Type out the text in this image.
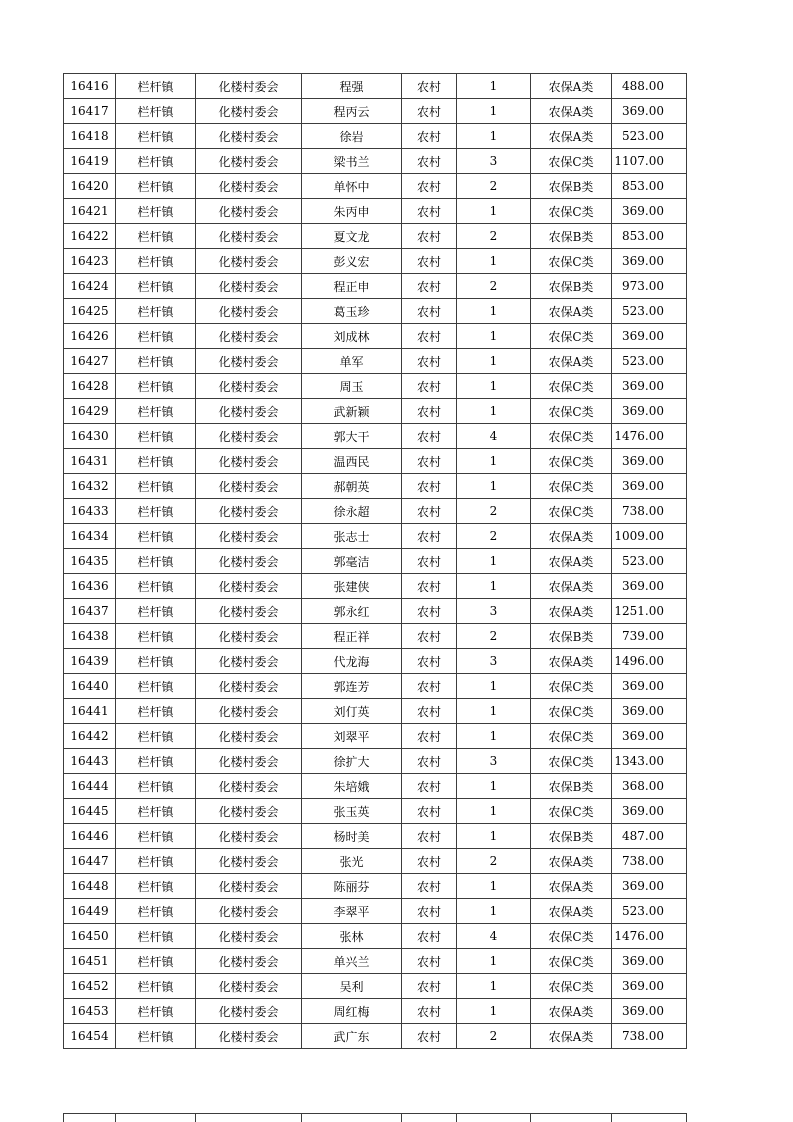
16416	栏杆镇	化楼村委会	程强	农村	1	农保A类	488.00
16417	栏杆镇	化楼村委会	程丙云	农村	1	农保A类	369.00
16418	栏杆镇	化楼村委会	徐岩	农村	1	农保A类	523.00
16419	栏杆镇	化楼村委会	梁书兰	农村	3	农保C类	1107.00
16420	栏杆镇	化楼村委会	单怀中	农村	2	农保B类	853.00
16421	栏杆镇	化楼村委会	朱丙申	农村	1	农保C类	369.00
16422	栏杆镇	化楼村委会	夏文龙	农村	2	农保B类	853.00
16423	栏杆镇	化楼村委会	彭义宏	农村	1	农保C类	369.00
16424	栏杆镇	化楼村委会	程正申	农村	2	农保B类	973.00
16425	栏杆镇	化楼村委会	葛玉珍	农村	1	农保A类	523.00
16426	栏杆镇	化楼村委会	刘成林	农村	1	农保C类	369.00
16427	栏杆镇	化楼村委会	单军	农村	1	农保A类	523.00
16428	栏杆镇	化楼村委会	周玉	农村	1	农保C类	369.00
16429	栏杆镇	化楼村委会	武新颖	农村	1	农保C类	369.00
16430	栏杆镇	化楼村委会	郭大干	农村	4	农保C类	1476.00
16431	栏杆镇	化楼村委会	温西民	农村	1	农保C类	369.00
16432	栏杆镇	化楼村委会	郝朝英	农村	1	农保C类	369.00
16433	栏杆镇	化楼村委会	徐永超	农村	2	农保C类	738.00
16434	栏杆镇	化楼村委会	张志士	农村	2	农保A类	1009.00
16435	栏杆镇	化楼村委会	郭毫洁	农村	1	农保A类	523.00
16436	栏杆镇	化楼村委会	张建侠	农村	1	农保A类	369.00
16437	栏杆镇	化楼村委会	郭永红	农村	3	农保A类	1251.00
16438	栏杆镇	化楼村委会	程正祥	农村	2	农保B类	739.00
16439	栏杆镇	化楼村委会	代龙海	农村	3	农保A类	1496.00
16440	栏杆镇	化楼村委会	郭连芳	农村	1	农保C类	369.00
16441	栏杆镇	化楼村委会	刘仃英	农村	1	农保C类	369.00
16442	栏杆镇	化楼村委会	刘翠平	农村	1	农保C类	369.00
16443	栏杆镇	化楼村委会	徐扩大	农村	3	农保C类	1343.00
16444	栏杆镇	化楼村委会	朱培娥	农村	1	农保B类	368.00
16445	栏杆镇	化楼村委会	张玉英	农村	1	农保C类	369.00
16446	栏杆镇	化楼村委会	杨时美	农村	1	农保B类	487.00
16447	栏杆镇	化楼村委会	张光	农村	2	农保A类	738.00
16448	栏杆镇	化楼村委会	陈丽芬	农村	1	农保A类	369.00
16449	栏杆镇	化楼村委会	李翠平	农村	1	农保A类	523.00
16450	栏杆镇	化楼村委会	张林	农村	4	农保C类	1476.00
16451	栏杆镇	化楼村委会	单兴兰	农村	1	农保C类	369.00
16452	栏杆镇	化楼村委会	吴利	农村	1	农保C类	369.00
16453	栏杆镇	化楼村委会	周红梅	农村	1	农保A类	369.00
16454	栏杆镇	化楼村委会	武广东	农村	2	农保A类	738.00
